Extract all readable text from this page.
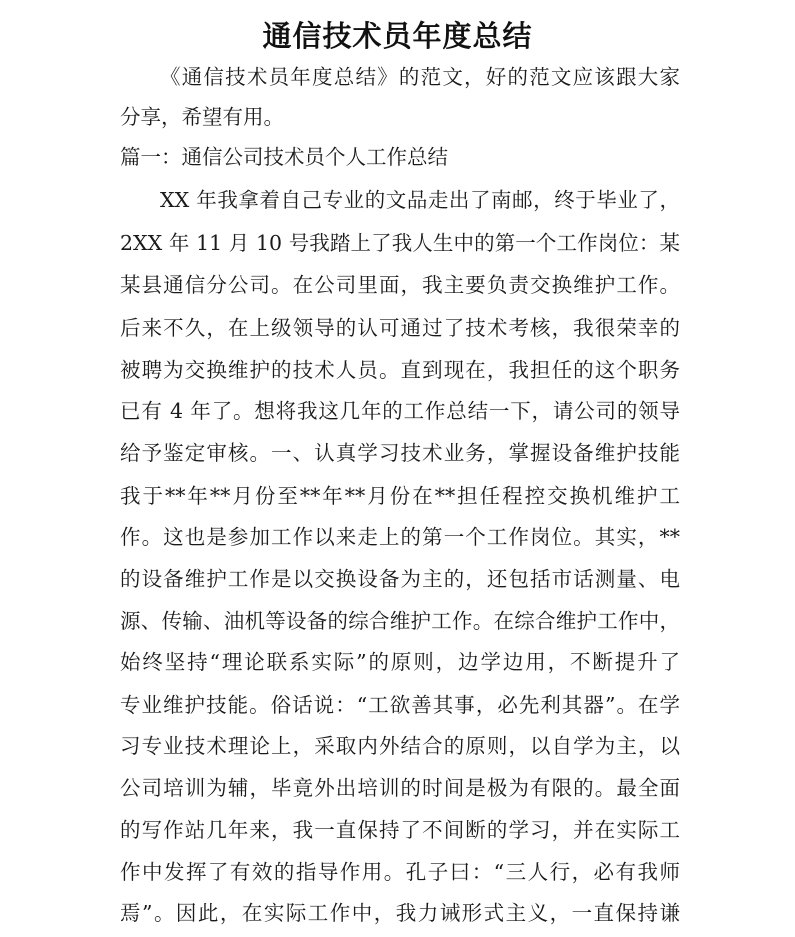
通信技术员年度总结

《通信技术员年度总结》的范文，好的范文应该跟大家

分享，希望有用。

篇一：通信公司技术员个人工作总结

XX 年我拿着自己专业的文品走出了南邮，终于毕业了，

2XX 年 11 月 10 号我踏上了我人生中的第一个工作岗位：某

某县通信分公司。在公司里面，我主要负责交换维护工作。

后来不久，在上级领导的认可通过了技术考核，我很荣幸的

被聘为交换维护的技术人员。直到现在，我担任的这个职务

已有 4 年了。想将我这几年的工作总结一下，请公司的领导

给予鉴定审核。一、认真学习技术业务，掌握设备维护技能

我于**年**月份至**年**月份在**担任程控交换机维护工

作。这也是参加工作以来走上的第一个工作岗位。其实，**

的设备维护工作是以交换设备为主的，还包括市话测量、电

源、传输、油机等设备的综合维护工作。在综合维护工作中，

始终坚持“理论联系实际”的原则，边学边用，不断提升了

专业维护技能。俗话说：“工欲善其事，必先利其器”。在学

习专业技术理论上，采取内外结合的原则，以自学为主，以

公司培训为辅，毕竟外出培训的时间是极为有限的。最全面

的写作站几年来，我一直保持了不间断的学习，并在实际工

作中发挥了有效的指导作用。孔子曰：“三人行，必有我师

焉”。因此，在实际工作中，我力诫形式主义，一直保持谦
